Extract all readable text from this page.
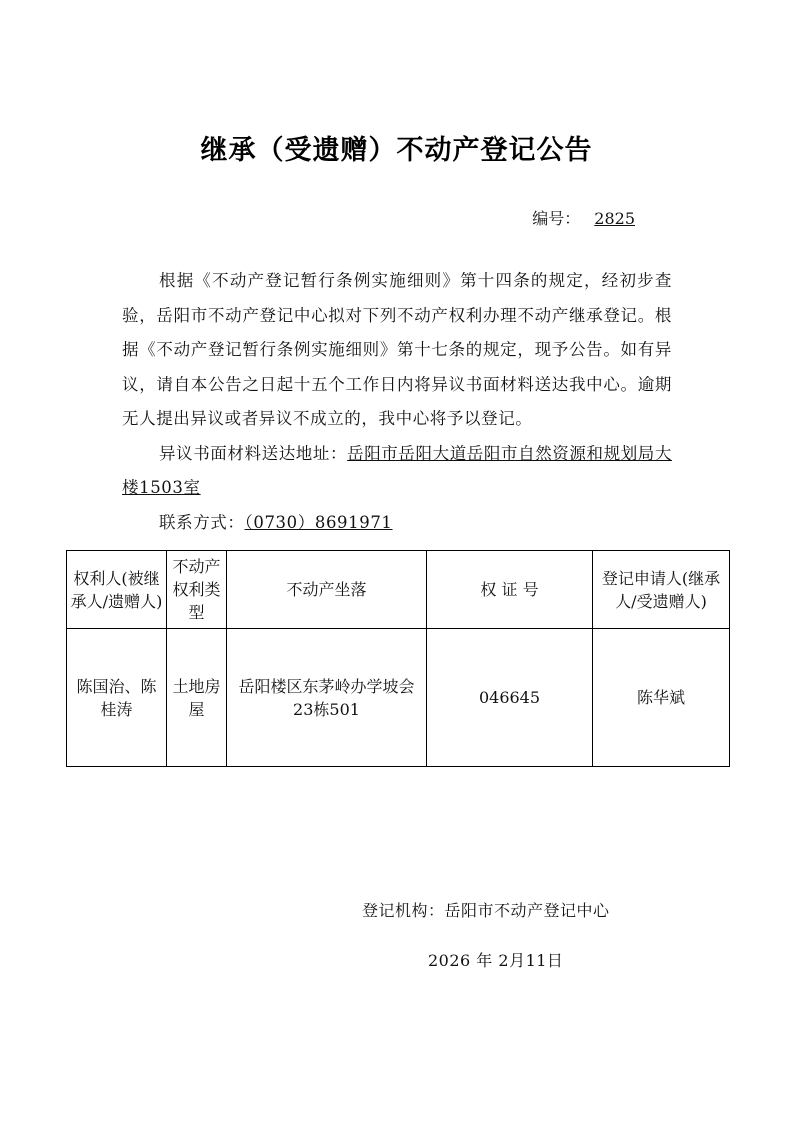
继承（受遗赠）不动产登记公告
编号： 2825

根据《不动产登记暂行条例实施细则》第十四条的规定，经初步查验，岳阳市不动产登记中心拟对下列不动产权利办理不动产继承登记。根据《不动产登记暂行条例实施细则》第十七条的规定，现予公告。如有异议，请自本公告之日起十五个工作日内将异议书面材料送达我中心。逾期无人提出异议或者异议不成立的，我中心将予以登记。

异议书面材料送达地址：岳阳市岳阳大道岳阳市自然资源和规划局大楼1503室

联系方式：（0730）8691971

权利人(被继承人/遗赠人)	不动产权利类型	不动产坐落	权 证 号	登记申请人(继承人/受遗赠人)
陈国治、陈桂涛	土地房屋	岳阳楼区东茅岭办学坡会23栋501	046645	陈华斌
登记机构：岳阳市不动产登记中心
2026 年 2月11日
